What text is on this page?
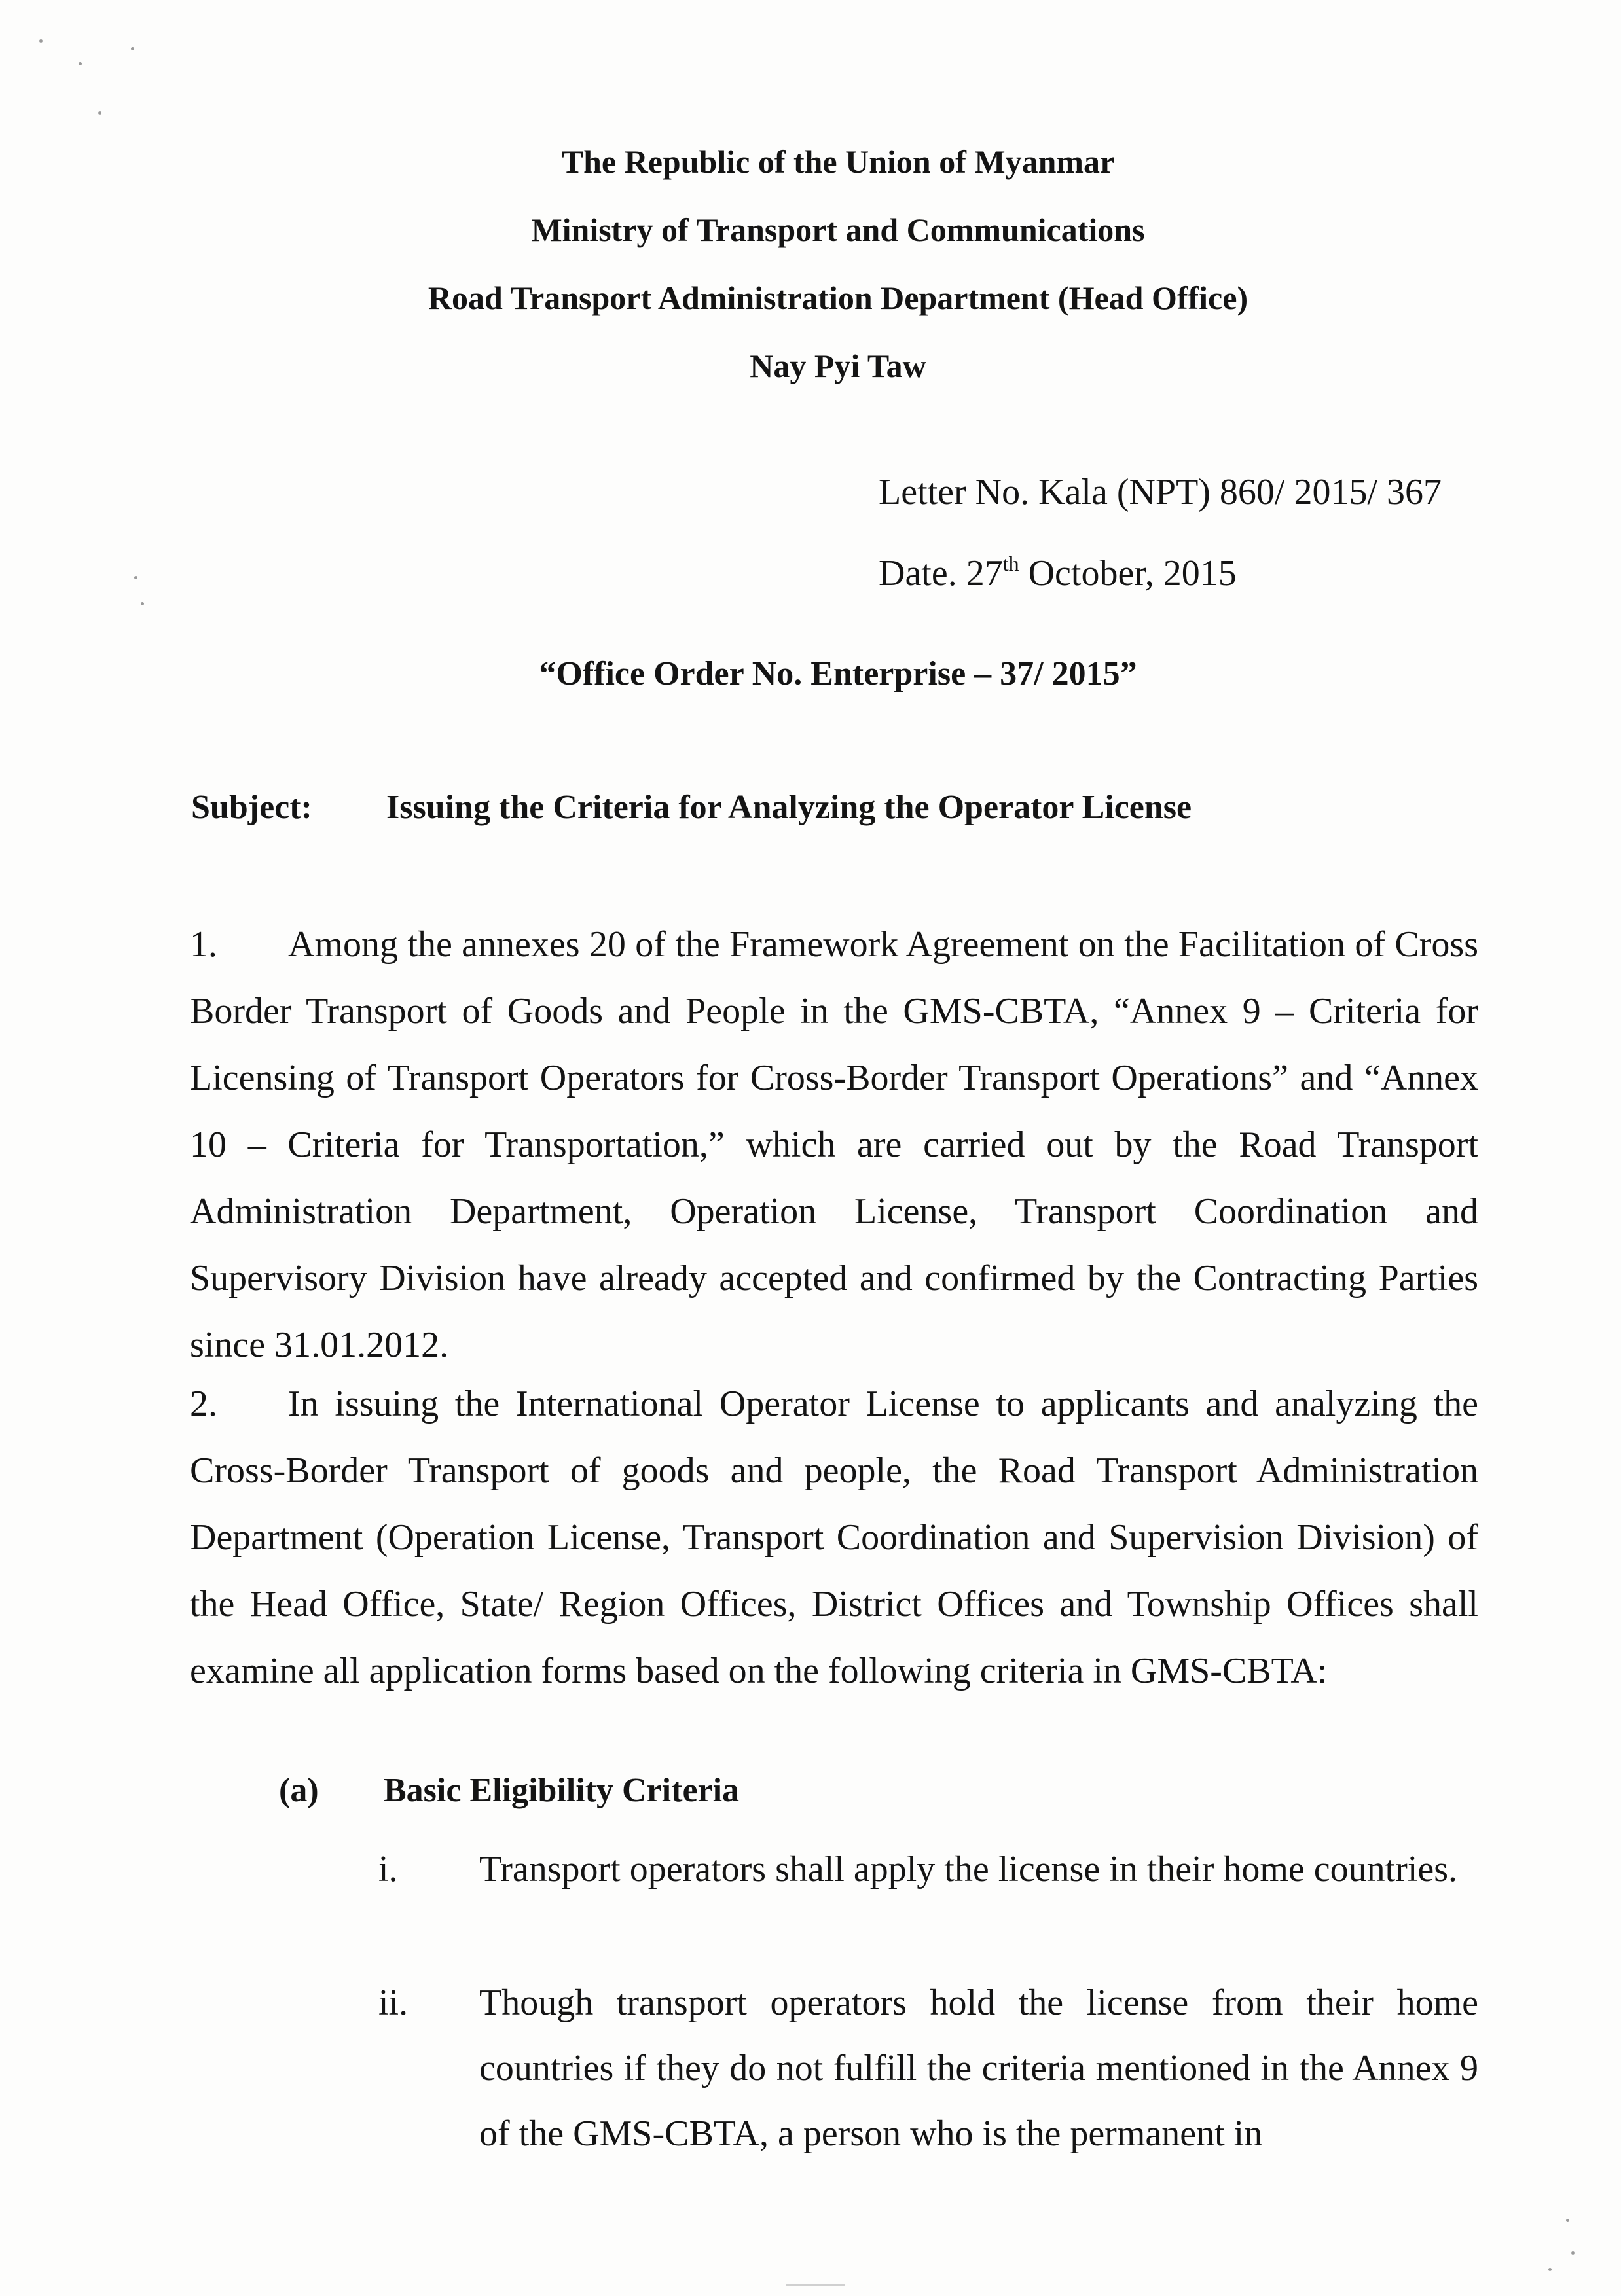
The Republic of the Union of Myanmar
Ministry of Transport and Communications
Road Transport Administration Department (Head Office)
Nay Pyi Taw
Letter No. Kala (NPT) 860/ 2015/ 367
Date. 27th October, 2015
“Office Order No. Enterprise – 37/ 2015”
Subject: Issuing the Criteria for Analyzing the Operator License
1. Among the annexes 20 of the Framework Agreement on the Facilitation of Cross Border Transport of Goods and People in the GMS-CBTA, “Annex 9 – Criteria for Licensing of Transport Operators for Cross-Border Transport Operations” and “Annex 10 – Criteria for Transportation,” which are carried out by the Road Transport Administration Department, Operation License, Transport Coordination and Supervisory Division have already accepted and confirmed by the Contracting Parties since 31.01.2012.
2. In issuing the International Operator License to applicants and analyzing the Cross-Border Transport of goods and people, the Road Transport Administration Department (Operation License, Transport Coordination and Supervision Division) of the Head Office, State/ Region Offices, District Offices and Township Offices shall examine all application forms based on the following criteria in GMS-CBTA:
(a) Basic Eligibility Criteria
i. Transport operators shall apply the license in their home countries.
ii. Though transport operators hold the license from their home countries if they do not fulfill the criteria mentioned in the Annex 9 of the GMS-CBTA, a person who is the permanent in
